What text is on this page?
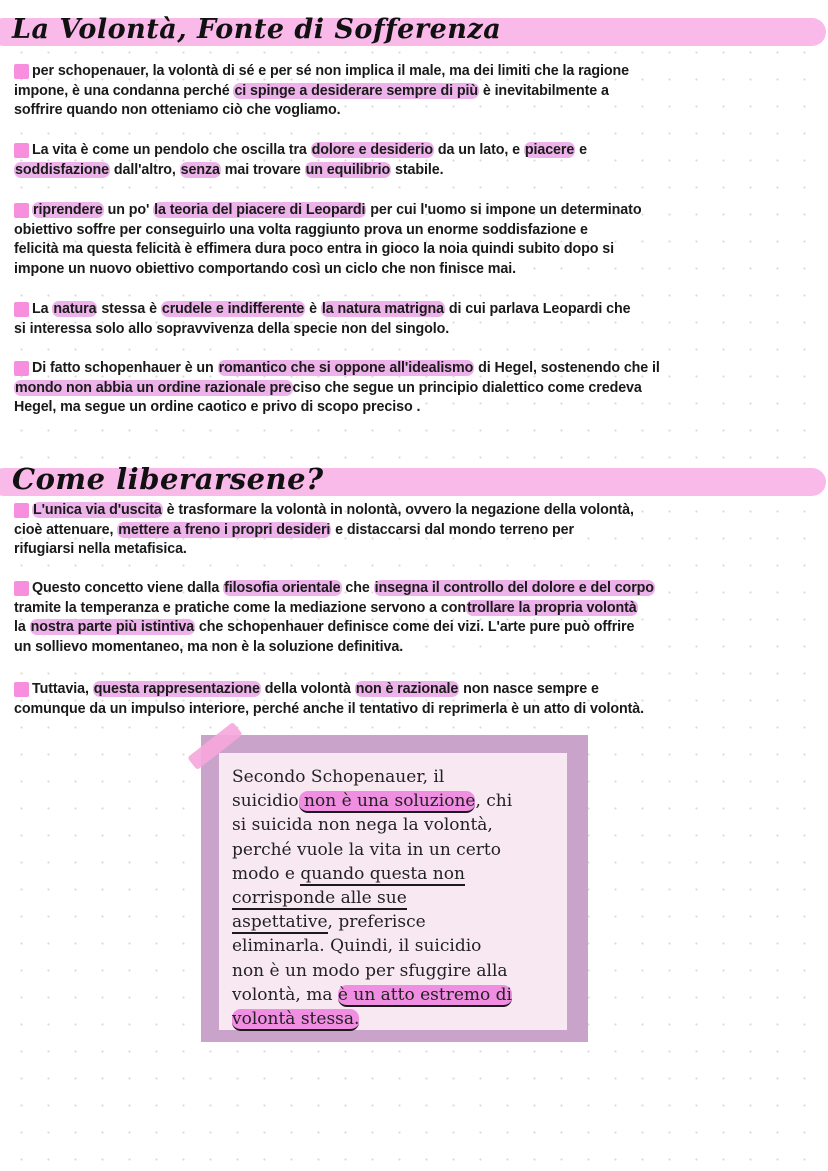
La Volontà, Fonte di Sofferenza
per schopenauer, la volontà di sé e per sé non implica il male, ma dei limiti che la ragione
impone, è una condanna perché ci spinge a desiderare sempre di più è inevitabilmente a
soffrire quando non otteniamo ciò che vogliamo.
La vita è come un pendolo che oscilla tra dolore e desiderio da un lato, e piacere e
soddisfazione dall'altro, senza mai trovare un equilibrio stabile.
riprendere un po' la teoria del piacere di Leopardi per cui l'uomo si impone un determinato
obiettivo soffre per conseguirlo una volta raggiunto prova un enorme soddisfazione e
felicità ma questa felicità è effimera dura poco entra in gioco la noia quindi subito dopo si
impone un nuovo obiettivo comportando così un ciclo che non finisce mai.
La natura stessa è crudele e indifferente è la natura matrigna di cui parlava Leopardi che
si interessa solo allo sopravvivenza della specie non del singolo.
Di fatto schopenhauer è un romantico che si oppone all'idealismo di Hegel, sostenendo che il
mondo non abbia un ordine razionale preciso che segue un principio dialettico come credeva
Hegel, ma segue un ordine caotico e privo di scopo preciso .
Come liberarsene?
L'unica via d'uscita è trasformare la volontà in nolontà, ovvero la negazione della volontà,
cioè attenuare, mettere a freno i propri desideri e distaccarsi dal mondo terreno per
rifugiarsi nella metafisica.
Questo concetto viene dalla filosofia orientale che insegna il controllo del dolore e del corpo
tramite la temperanza e pratiche come la mediazione servono a controllare la propria volontà
la nostra parte più istintiva che schopenhauer definisce come dei vizi. L'arte pure può offrire
un sollievo momentaneo, ma non è la soluzione definitiva.
Tuttavia, questa rappresentazione della volontà non è razionale non nasce sempre e
comunque da un impulso interiore, perché anche il tentativo di reprimerla è un atto di volontà.
Secondo Schopenauer, il
suicidio non è una soluzione, chi
si suicida non nega la volontà,
perché vuole la vita in un certo
modo e quando questa non
corrisponde alle sue
aspettative, preferisce
eliminarla. Quindi, il suicidio
non è un modo per sfuggire alla
volontà, ma è un atto estremo di
volontà stessa.
